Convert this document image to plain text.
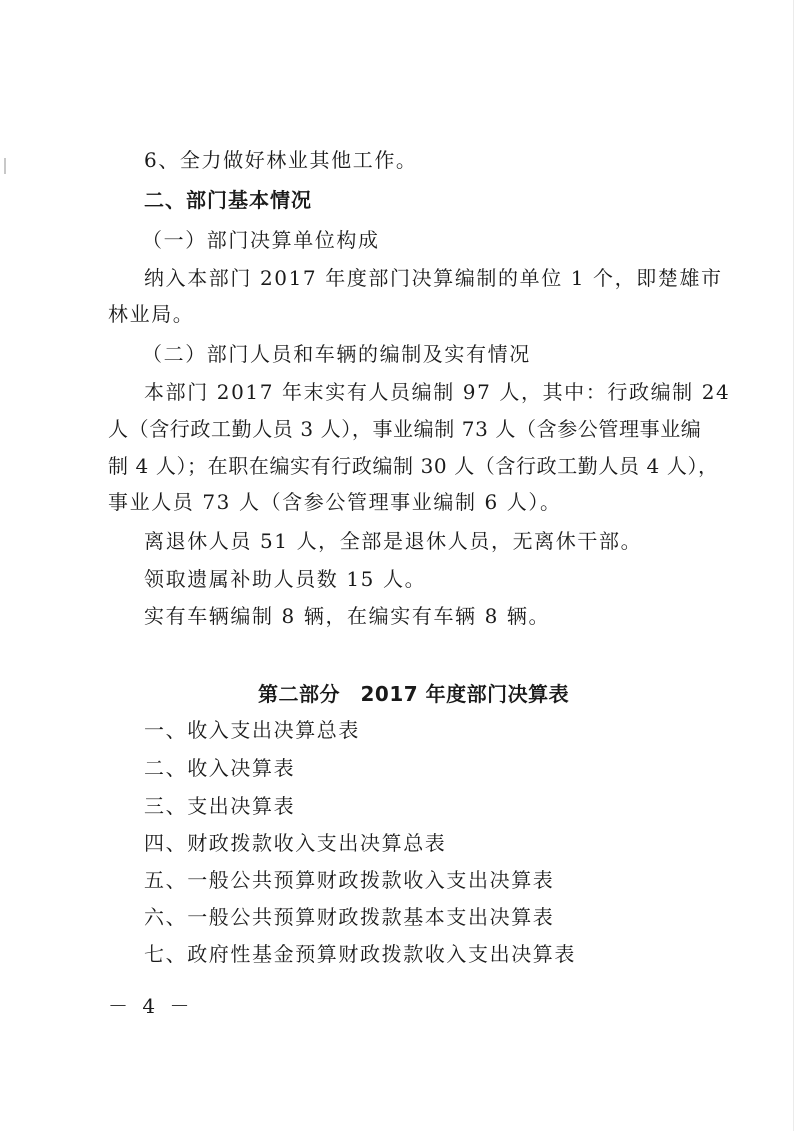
6、全力做好林业其他工作。
二、部门基本情况
（一）部门决算单位构成
纳入本部门 2017 年度部门决算编制的单位 1 个，即楚雄市
林业局。
（二）部门人员和车辆的编制及实有情况
本部门 2017 年末实有人员编制 97 人，其中：行政编制 24
人（含行政工勤人员 3 人），事业编制 73 人（含参公管理事业编
制 4 人）；在职在编实有行政编制 30 人（含行政工勤人员 4 人），
事业人员 73 人（含参公管理事业编制 6 人）。
离退休人员 51 人，全部是退休人员，无离休干部。
领取遗属补助人员数 15 人。
实有车辆编制 8 辆，在编实有车辆 8 辆。
第二部分　2017 年度部门决算表
一、收入支出决算总表
二、收入决算表
三、支出决算表
四、财政拨款收入支出决算总表
五、一般公共预算财政拨款收入支出决算表
六、一般公共预算财政拨款基本支出决算表
七、政府性基金预算财政拨款收入支出决算表
－ 4 －
